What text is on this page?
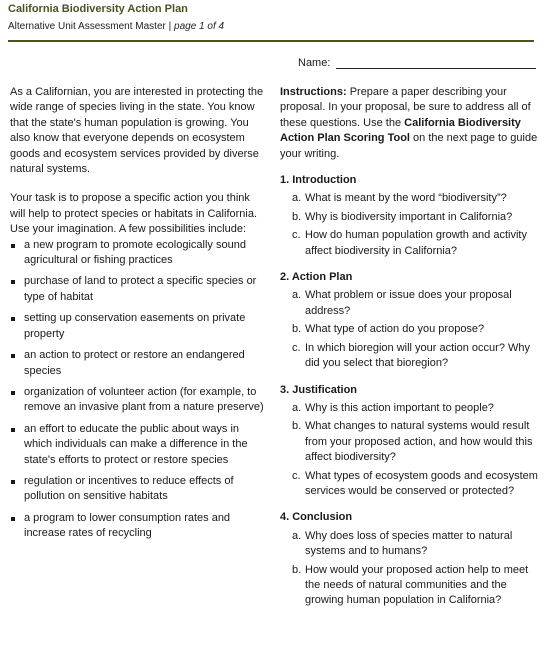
California Biodiversity Action Plan
Alternative Unit Assessment Master | page 1 of 4
Name:

As a Californian, you are interested in protecting the wide range of species living in the state. You know that the state's human population is growing. You also know that everyone depends on ecosystem goods and ecosystem services provided by diverse natural systems.

Your task is to propose a specific action you think will help to protect species or habitats in California. Use your imagination. A few possibilities include:

a new program to promote ecologically sound agricultural or fishing practices
purchase of land to protect a specific species or type of habitat
setting up conservation easements on private property
an action to protect or restore an endangered species
organization of volunteer action (for example, to remove an invasive plant from a nature preserve)
an effort to educate the public about ways in which individuals can make a difference in the state's efforts to protect or restore species
regulation or incentives to reduce effects of pollution on sensitive habitats
a program to lower consumption rates and increase rates of recycling

Instructions: Prepare a paper describing your proposal. In your proposal, be sure to address all of these questions. Use the California Biodiversity Action Plan Scoring Tool on the next page to guide your writing.

1. Introduction
a. What is meant by the word “biodiversity”?
b. Why is biodiversity important in California?
c. How do human population growth and activity affect biodiversity in California?
2. Action Plan
a. What problem or issue does your proposal address?
b. What type of action do you propose?
c. In which bioregion will your action occur? Why did you select that bioregion?
3. Justification
a. Why is this action important to people?
b. What changes to natural systems would result from your proposed action, and how would this affect biodiversity?
c. What types of ecosystem goods and ecosystem services would be conserved or protected?
4. Conclusion
a. Why does loss of species matter to natural systems and to humans?
b. How would your proposed action help to meet the needs of natural communities and the growing human population in California?
